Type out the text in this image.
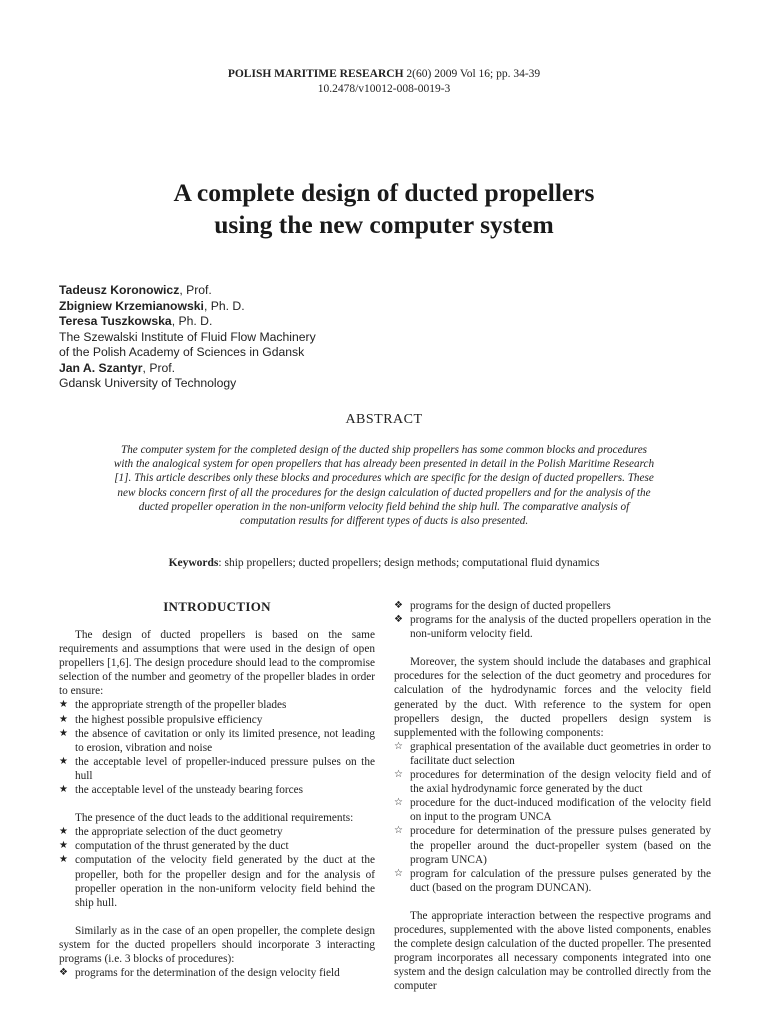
POLISH MARITIME RESEARCH 2(60) 2009 Vol 16; pp. 34-39
10.2478/v10012-008-0019-3
A complete design of ducted propellers
using the new computer system
Tadeusz Koronowicz, Prof.
Zbigniew Krzemianowski, Ph. D.
Teresa Tuszkowska, Ph. D.
The Szewalski Institute of Fluid Flow Machinery
of the Polish Academy of Sciences in Gdansk
Jan A. Szantyr, Prof.
Gdansk University of Technology
ABSTRACT
The computer system for the completed design of the ducted ship propellers has some common blocks and procedures with the analogical system for open propellers that has already been presented in detail in the Polish Maritime Research [1]. This article describes only these blocks and procedures which are specific for the design of ducted propellers. These new blocks concern first of all the procedures for the design calculation of ducted propellers and for the analysis of the ducted propeller operation in the non-uniform velocity field behind the ship hull. The comparative analysis of computation results for different types of ducts is also presented.
Keywords: ship propellers; ducted propellers; design methods; computational fluid dynamics
INTRODUCTION

The design of ducted propellers is based on the same requirements and assumptions that were used in the design of open propellers [1,6]. The design procedure should lead to the compromise selection of the number and geometry of the propeller blades in order to ensure:

★ the appropriate strength of the propeller blades
★ the highest possible propulsive efficiency
★ the absence of cavitation or only its limited presence, not leading to erosion, vibration and noise
★ the acceptable level of propeller-induced pressure pulses on the hull
★ the acceptable level of the unsteady bearing forces

The presence of the duct leads to the additional requirements:

★ the appropriate selection of the duct geometry
★ computation of the thrust generated by the duct
★ computation of the velocity field generated by the duct at the propeller, both for the propeller design and for the analysis of propeller operation in the non-uniform velocity field behind the ship hull.

Similarly as in the case of an open propeller, the complete design system for the ducted propellers should incorporate 3 interacting programs (i.e. 3 blocks of procedures):

❖ programs for the determination of the design velocity field
❖ programs for the design of ducted propellers
❖ programs for the analysis of the ducted propellers operation in the non-uniform velocity field.

Moreover, the system should include the databases and graphical procedures for the selection of the duct geometry and procedures for calculation of the hydrodynamic forces and the velocity field generated by the duct. With reference to the system for open propellers design, the ducted propellers design system is supplemented with the following components:

☆ graphical presentation of the available duct geometries in order to facilitate duct selection
☆ procedures for determination of the design velocity field and of the axial hydrodynamic force generated by the duct
☆ procedure for the duct-induced modification of the velocity field on input to the program UNCA
☆ procedure for determination of the pressure pulses generated by the propeller around the duct-propeller system (based on the program UNCA)
☆ program for calculation of the pressure pulses generated by the duct (based on the program DUNCAN).

The appropriate interaction between the respective programs and procedures, supplemented with the above listed components, enables the complete design calculation of the ducted propeller. The presented program incorporates all necessary components integrated into one system and the design calculation may be controlled directly from the computer
